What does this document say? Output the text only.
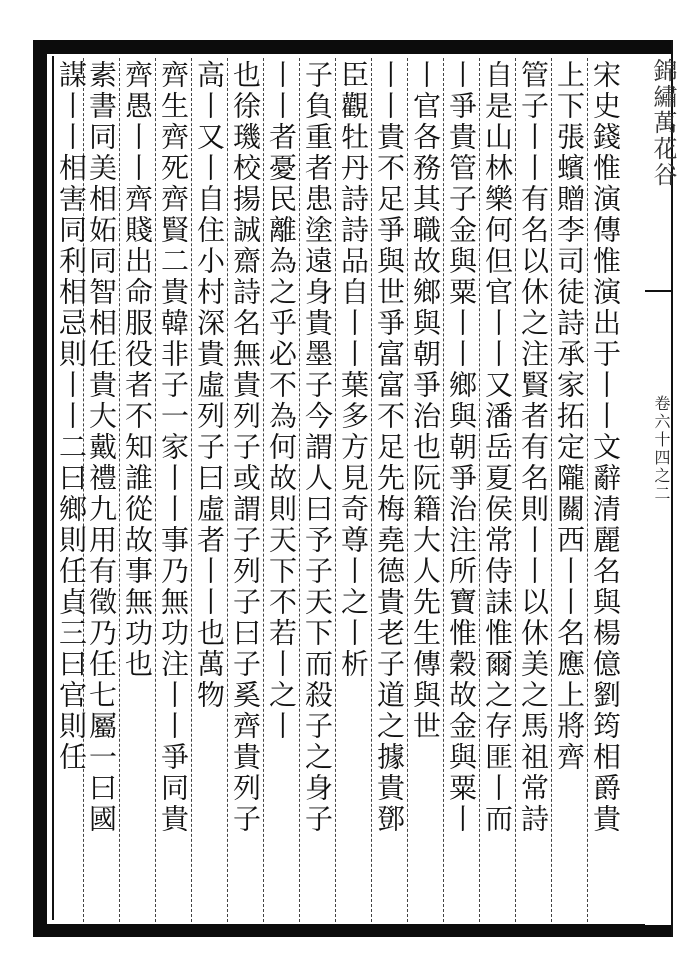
錦繡萬花谷
卷六十四之二
宋史錢惟演傳惟演出于丨丨文辭清麗名與楊億劉筠相爵貴
上下張蠙贈李司徒詩承家拓定隴關西丨丨名應上將齊
管子丨丨有名以休之注賢者有名則丨丨以休美之馬祖常詩
自是山林樂何但官丨丨又潘岳夏侯常侍誄惟爾之存匪丨而
丨爭貴管子金與粟丨丨鄉與朝爭治注所寶惟穀故金與粟丨
丨官各務其職故鄉與朝爭治也阮籍大人先生傳與世
丨丨貴不足爭與世爭富富不足先梅堯德貴老子道之據貴鄧
臣觀牡丹詩詩品自丨丨葉多方見奇尊丨之丨析
子負重者患塗遠身貴墨子今謂人曰予子天下而殺子之身子
丨丨者憂民離為之乎必不為何故則天下不若丨之丨
也徐璣校揚誠齋詩名無貴列子或謂子列子曰子奚齊貴列子
高丨又丨自住小村深貴虛列子曰虛者丨丨也萬物
齊生齊死齊賢二貴韓非子一家丨丨事乃無功注丨丨爭同貴
齊愚丨丨齊賤出命服役者不知誰從故事無功也
素書同美相妬同智相任貴大戴禮九用有徵乃任七屬一曰國
謀丨丨相害同利相忌則丨丨二曰鄉則任貞三曰官則任
